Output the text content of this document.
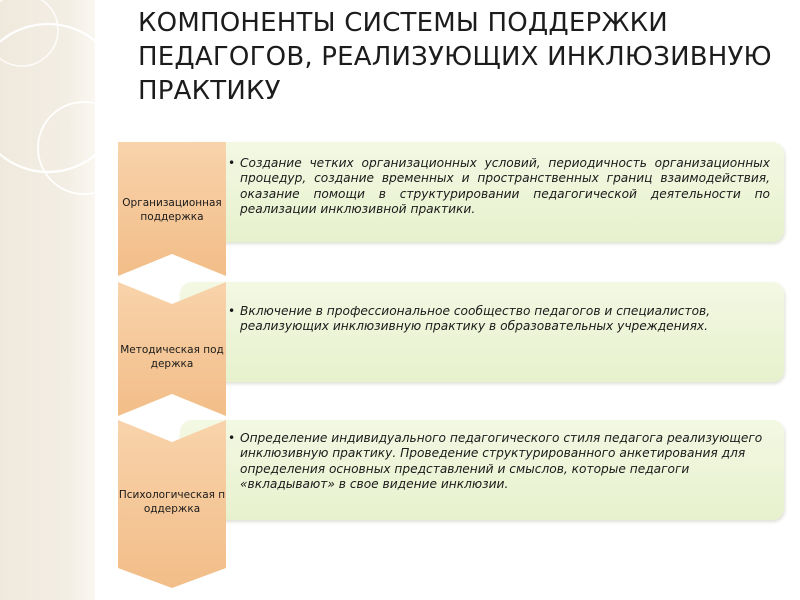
КОМПОНЕНТЫ СИСТЕМЫ ПОДДЕРЖКИ ПЕДАГОГОВ, РЕАЛИЗУЮЩИХ ИНКЛЮЗИВНУЮ ПРАКТИКУ
• Создание четких организационных условий, периодичность организационных процедур, создание временных и пространственных границ взаимодействия, оказание помощи в структурировании педагогической деятельности по реализации инклюзивной практики.
Организационная поддержка
• Включение в профессиональное сообщество педагогов и специалистов, реализующих инклюзивную практику в образовательных учреждениях.
Методическая поддержка
• Определение индивидуального педагогического стиля педагога реализующего инклюзивную практику. Проведение структурированного анкетирования для определения основных представлений и смыслов, которые педагоги «вкладывают» в свое видение инклюзии.
Психологическая поддержка
